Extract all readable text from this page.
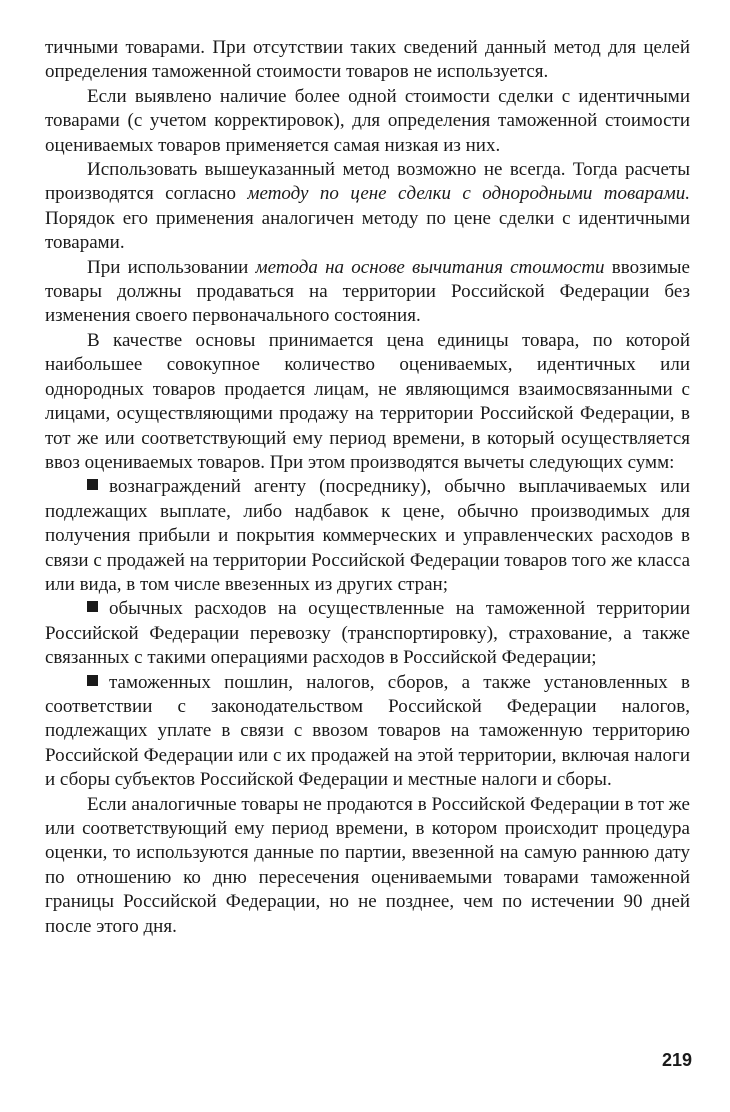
тичными товарами. При отсутствии таких сведений данный метод для целей определения таможенной стоимости товаров не используется.

Если выявлено наличие более одной стоимости сделки с идентичными товарами (с учетом корректировок), для определения таможенной стоимости оцениваемых товаров применяется самая низкая из них.

Использовать вышеуказанный метод возможно не всегда. Тогда расчеты производятся согласно методу по цене сделки с однородными товарами. Порядок его применения аналогичен методу по цене сделки с идентичными товарами.

При использовании метода на основе вычитания стоимости ввозимые товары должны продаваться на территории Российской Федерации без изменения своего первоначального состояния.

В качестве основы принимается цена единицы товара, по которой наибольшее совокупное количество оцениваемых, идентичных или однородных товаров продается лицам, не являющимся взаимосвязанными с лицами, осуществляющими продажу на территории Российской Федерации, в тот же или соответствующий ему период времени, в который осуществляется ввоз оцениваемых товаров. При этом производятся вычеты следующих сумм:

вознаграждений агенту (посреднику), обычно выплачиваемых или подлежащих выплате, либо надбавок к цене, обычно производимых для получения прибыли и покрытия коммерческих и управленческих расходов в связи с продажей на территории Российской Федерации товаров того же класса или вида, в том числе ввезенных из других стран;

обычных расходов на осуществленные на таможенной территории Российской Федерации перевозку (транспортировку), страхование, а также связанных с такими операциями расходов в Российской Федерации;

таможенных пошлин, налогов, сборов, а также установленных в соответствии с законодательством Российской Федерации налогов, подлежащих уплате в связи с ввозом товаров на таможенную территорию Российской Федерации или с их продажей на этой территории, включая налоги и сборы субъектов Российской Федерации и местные налоги и сборы.

Если аналогичные товары не продаются в Российской Федерации в тот же или соответствующий ему период времени, в котором происходит процедура оценки, то используются данные по партии, ввезенной на самую раннюю дату по отношению ко дню пересечения оцениваемыми товарами таможенной границы Российской Федерации, но не позднее, чем по истечении 90 дней после этого дня.

219
